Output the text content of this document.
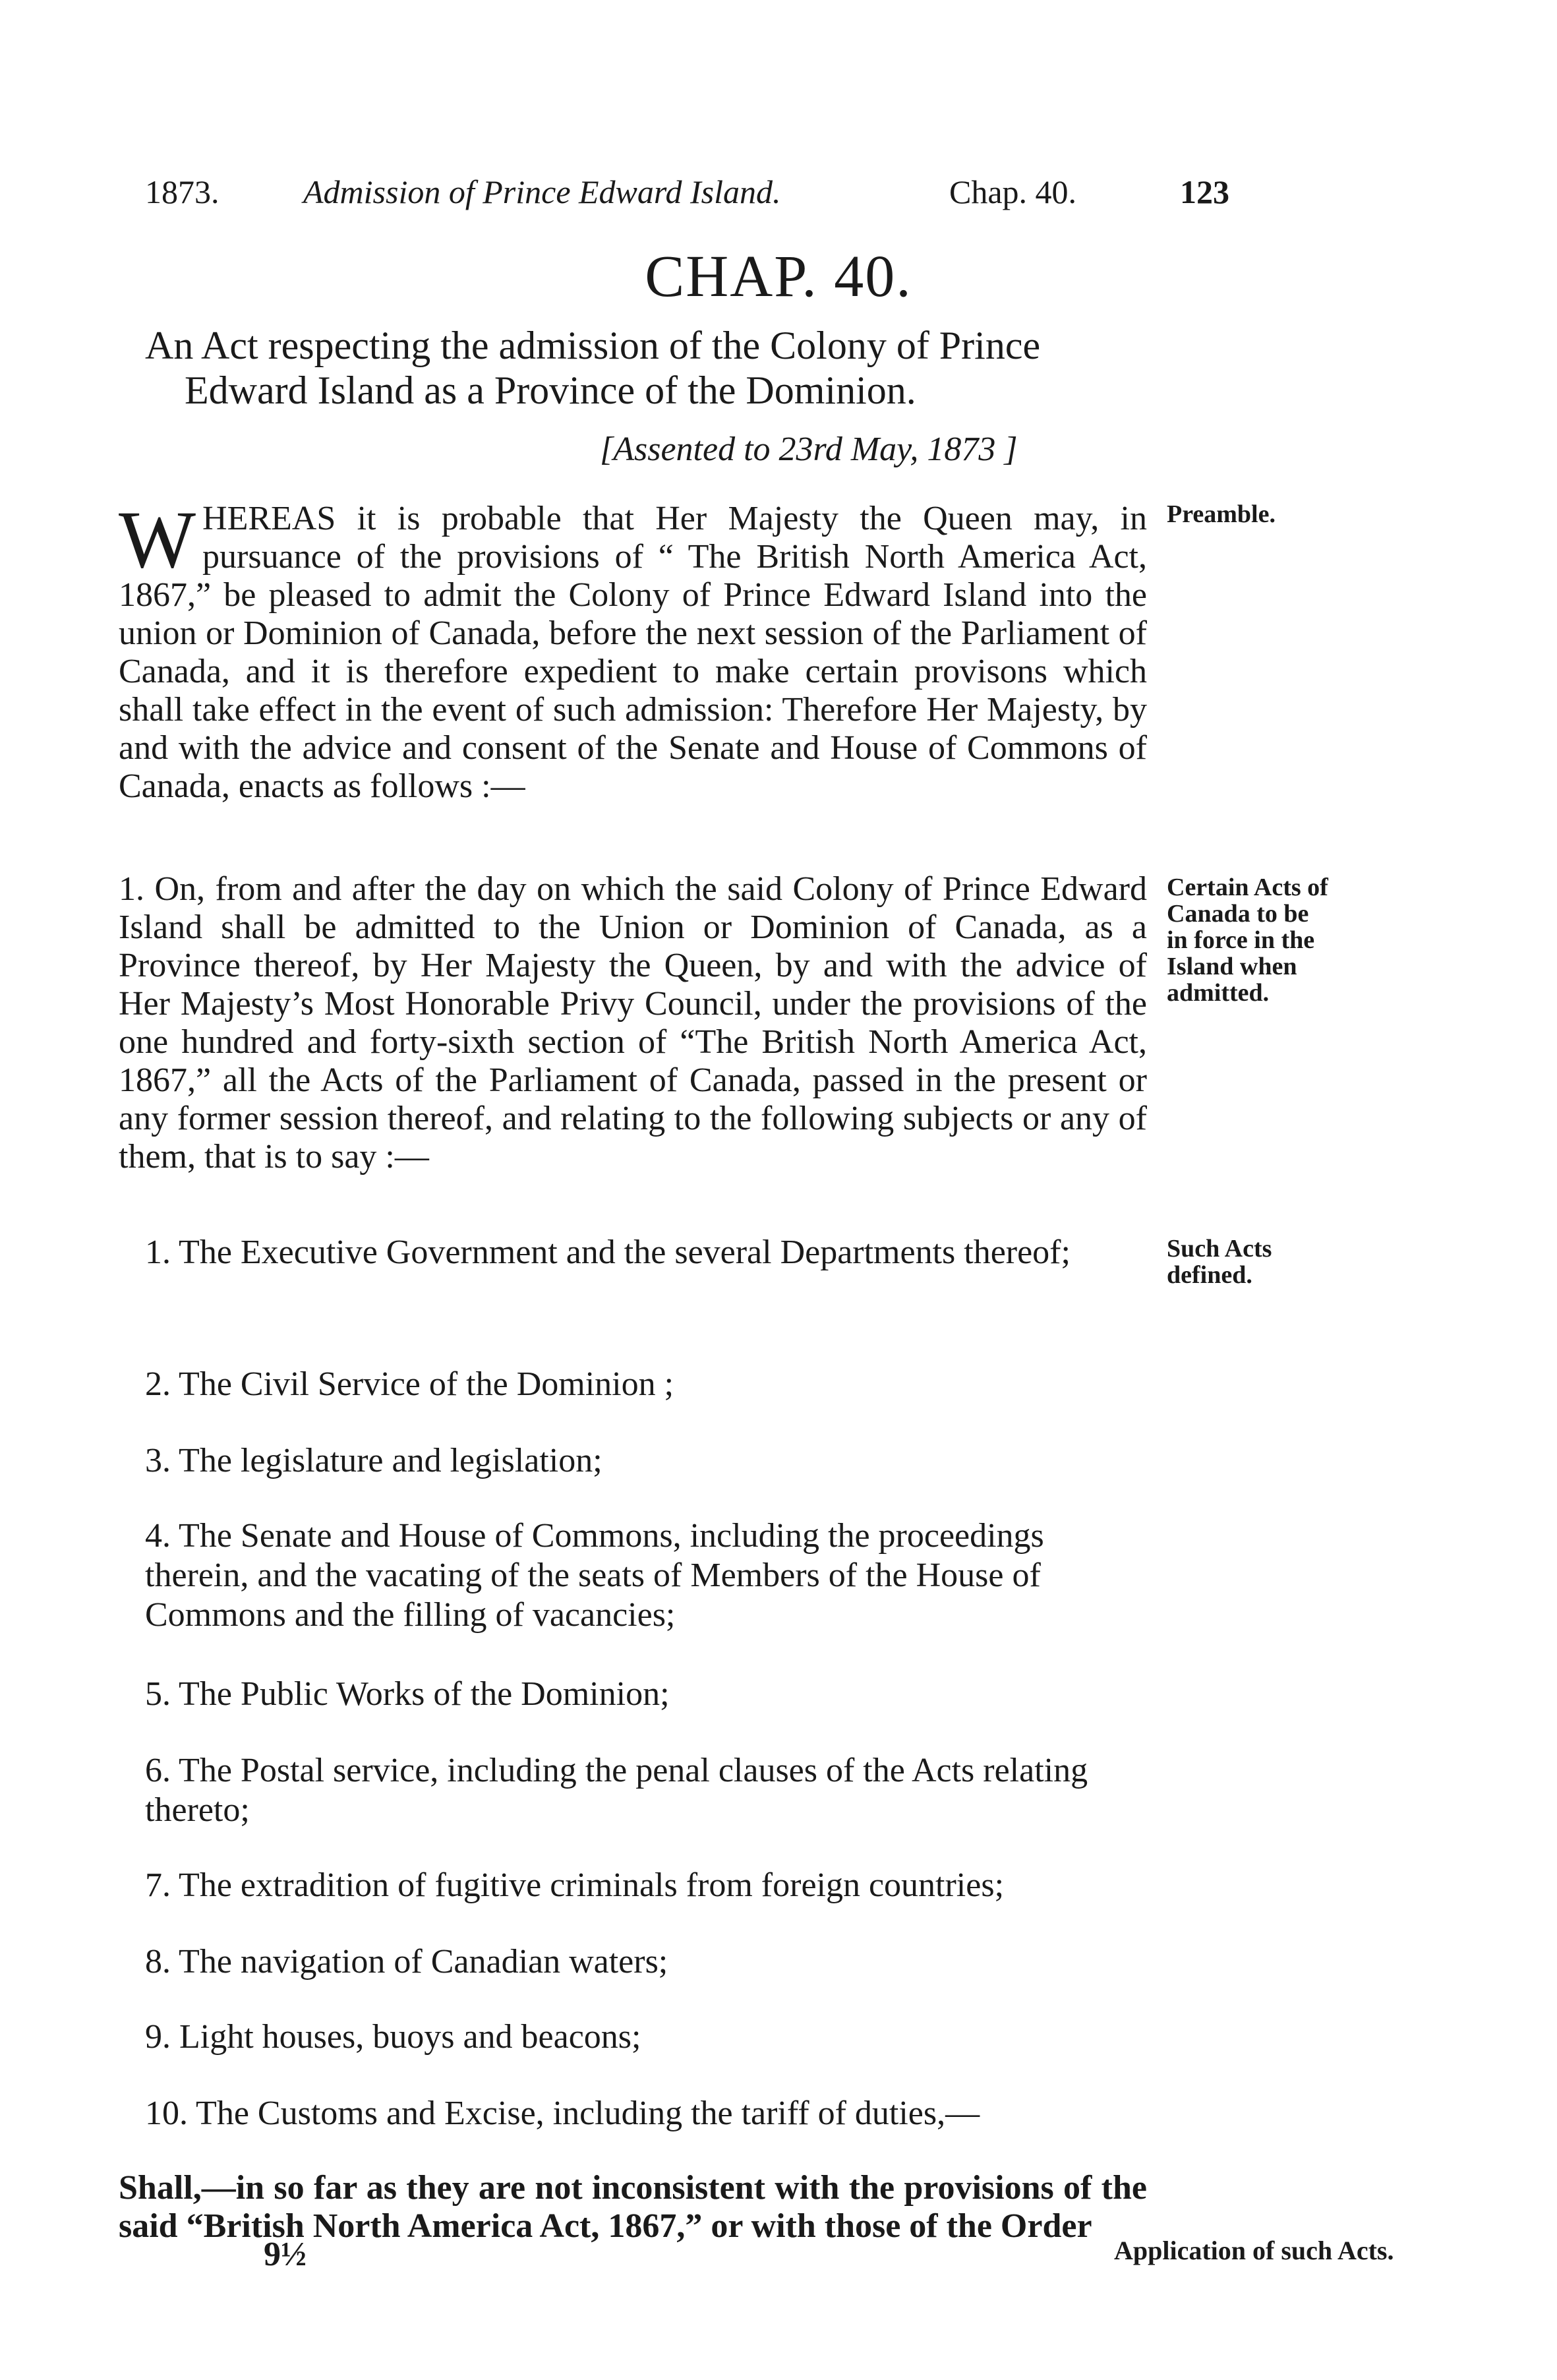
1873.	Admission of Prince Edward Island.	Chap. 40.	123
CHAP. 40.
An Act respecting the admission of the Colony of Prince
Edward Island as a Province of the Dominion.
[Assented to 23rd May, 1873 ]
WHEREAS it is probable that Her Majesty the Queen may, in pursuance of the provisions of “ The British North America Act, 1867,” be pleased to admit the Colony of Prince Edward Island into the union or Dominion of Canada, before the next session of the Parliament of Canada, and it is therefore expedient to make certain provisons which shall take effect in the event of such admission: Therefore Her Majesty, by and with the advice and consent of the Senate and House of Commons of Canada, enacts as follows :—
Preamble.
1. On, from and after the day on which the said Colony of Prince Edward Island shall be admitted to the Union or Dominion of Canada, as a Province thereof, by Her Majesty the Queen, by and with the advice of Her Majesty’s Most Honorable Privy Council, under the provisions of the one hundred and forty-sixth section of “The British North America Act, 1867,” all the Acts of the Parliament of Canada, passed in the present or any former session thereof, and relating to the following subjects or any of them, that is to say :—
Certain Acts of Canada to be in force in the Island when admitted.
1. The Executive Government and the several Departments thereof;	Such Acts defined.
2. The Civil Service of the Dominion ;
3. The legislature and legislation;
4. The Senate and House of Commons, including the proceedings therein, and the vacating of the seats of Members of the House of Commons and the filling of vacancies;
5. The Public Works of the Dominion;
6. The Postal service, including the penal clauses of the Acts relating thereto;
7. The extradition of fugitive criminals from foreign countries;
8. The navigation of Canadian waters;
9. Light houses, buoys and beacons;
10. The Customs and Excise, including the tariff of duties,—
Shall,—in so far as they are not inconsistent with the provisions of the said “British North America Act, 1867,” or with those of the Order
9½	Application of such Acts.
